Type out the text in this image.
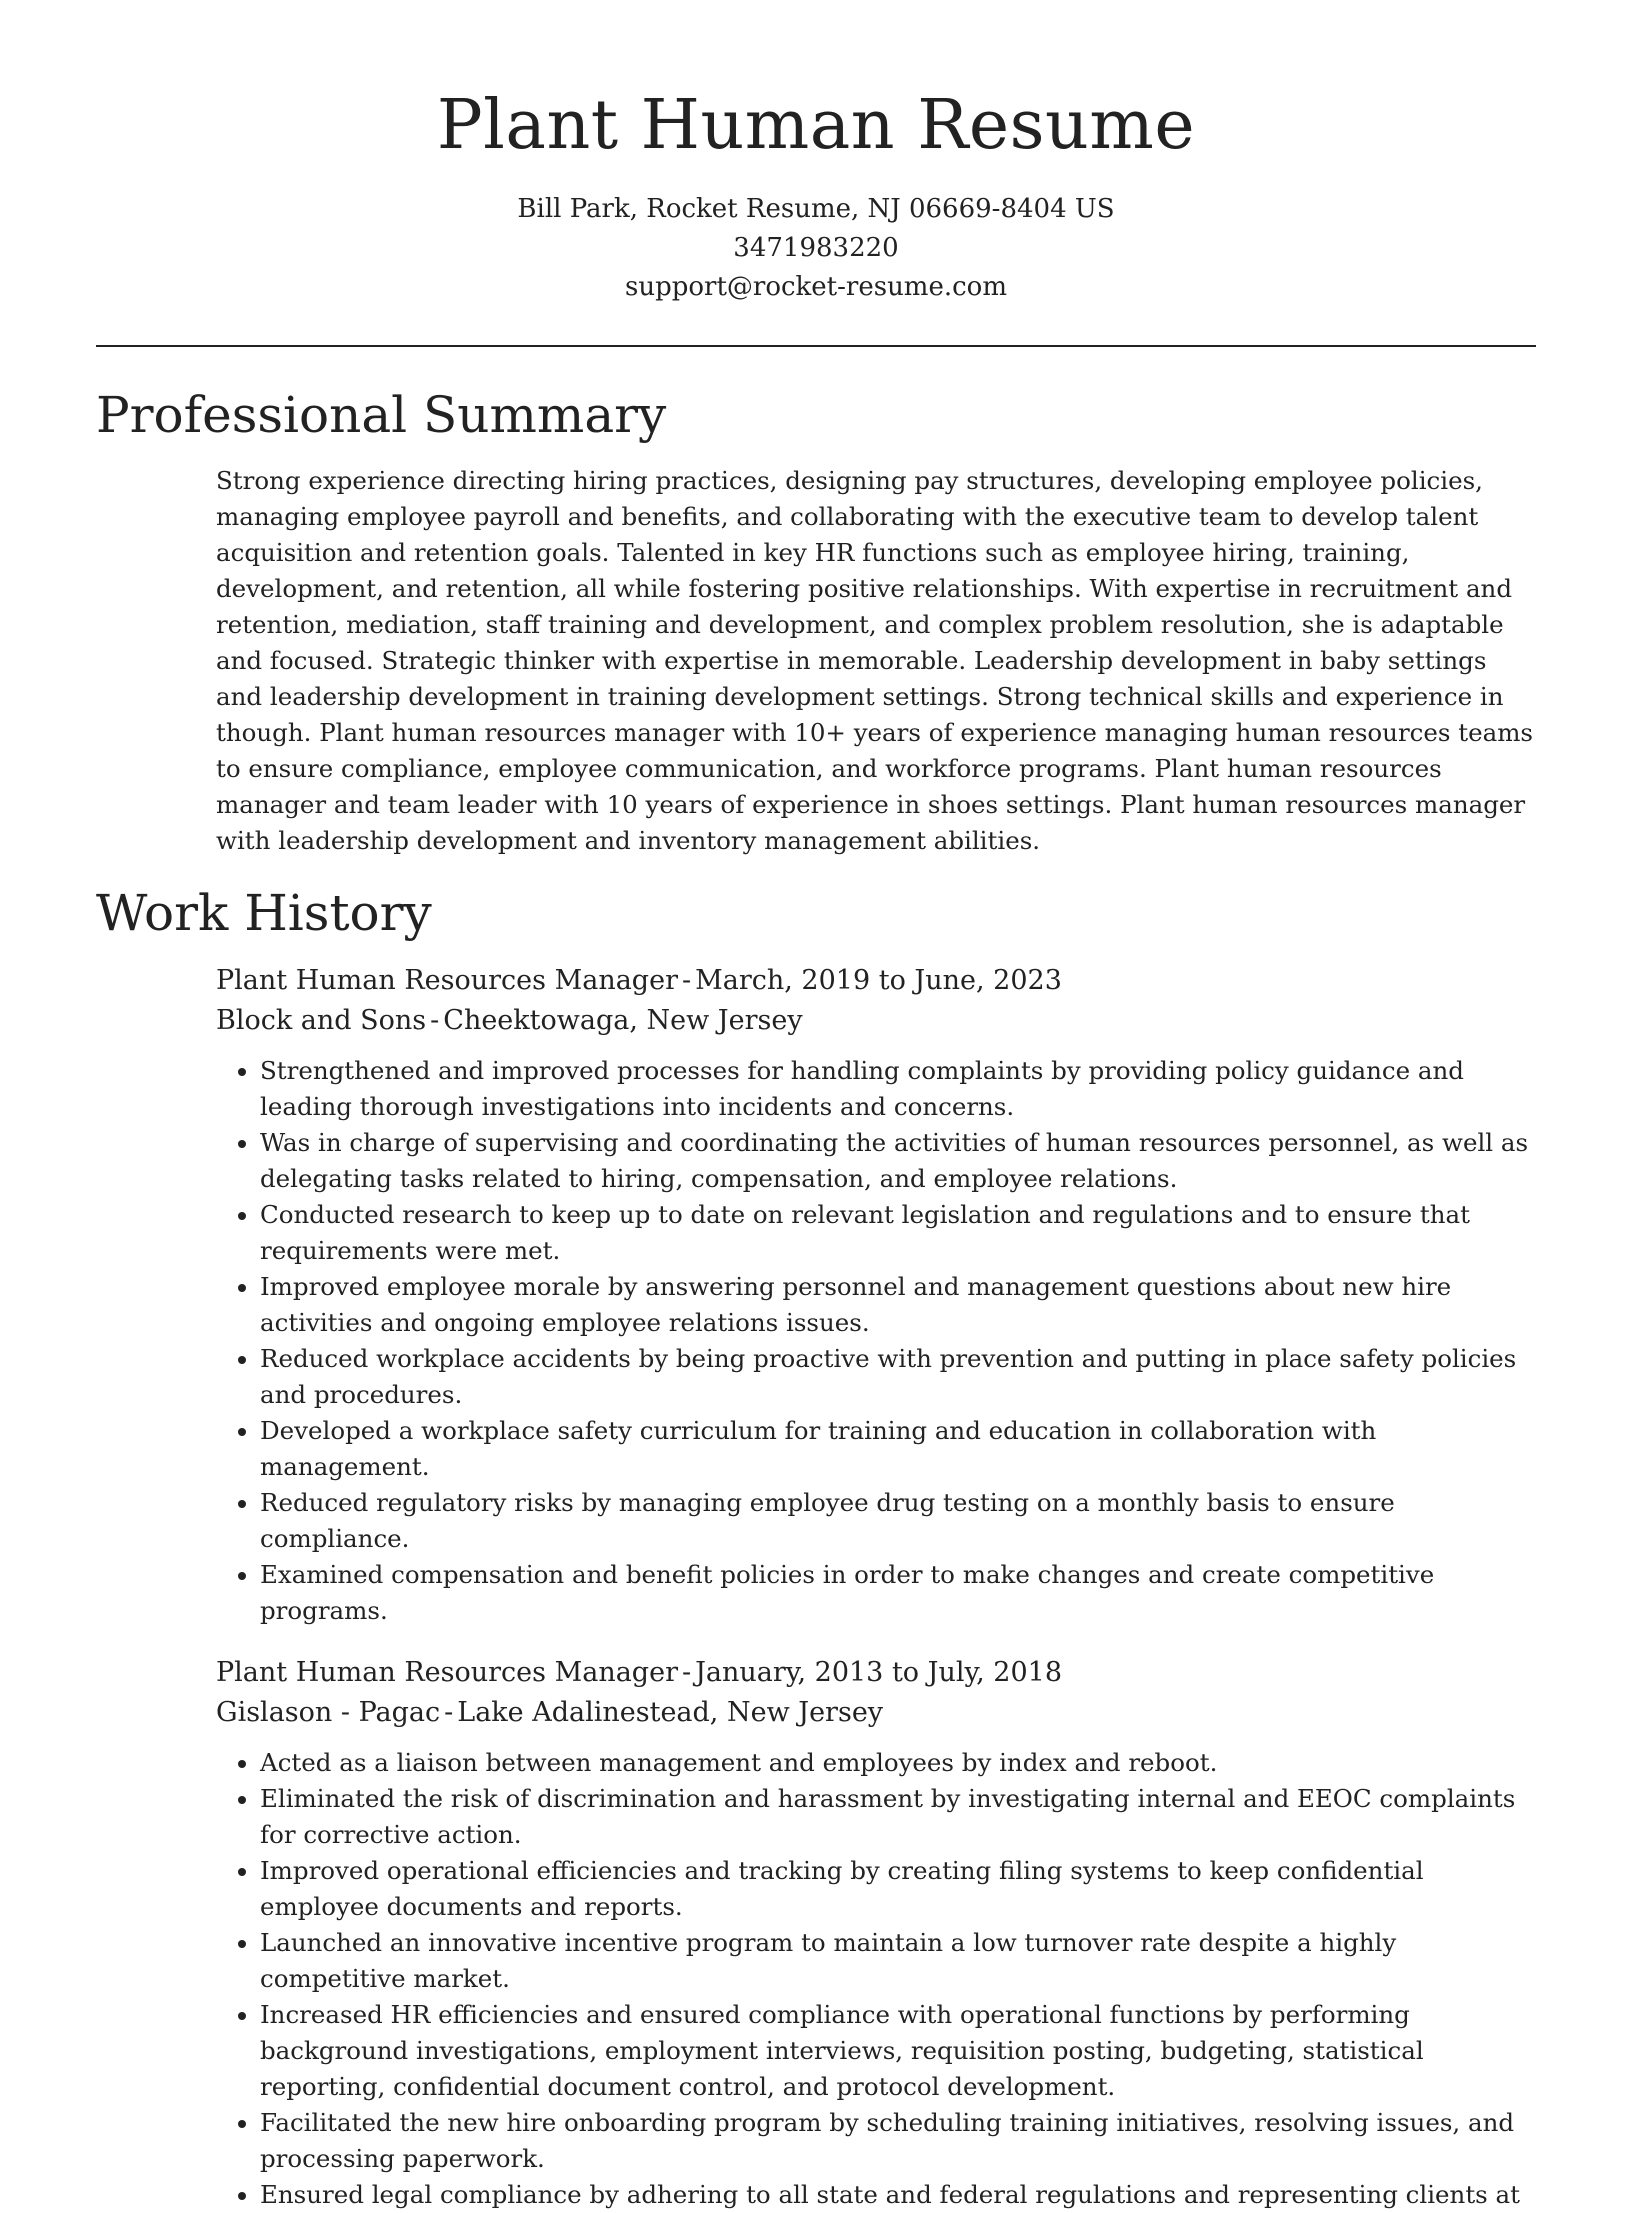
Plant Human Resume
Bill Park, Rocket Resume, NJ 06669-8404 US
3471983220
support@rocket-resume.com
Professional Summary

Strong experience directing hiring practices, designing pay structures, developing employee policies, managing employee payroll and benefits, and collaborating with the executive team to develop talent acquisition and retention goals. Talented in key HR functions such as employee hiring, training, development, and retention, all while fostering positive relationships. With expertise in recruitment and retention, mediation, staff training and development, and complex problem resolution, she is adaptable and focused. Strategic thinker with expertise in memorable. Leadership development in baby settings and leadership development in training development settings. Strong technical skills and experience in though. Plant human resources manager with 10+ years of experience managing human resources teams to ensure compliance, employee communication, and workforce programs. Plant human resources manager and team leader with 10 years of experience in shoes settings. Plant human resources manager with leadership development and inventory management abilities.

Work History
Plant Human Resources Manager - March, 2019 to June, 2023
Block and Sons - Cheektowaga, New Jersey
• Strengthened and improved processes for handling complaints by providing policy guidance and leading thorough investigations into incidents and concerns.
• Was in charge of supervising and coordinating the activities of human resources personnel, as well as delegating tasks related to hiring, compensation, and employee relations.
• Conducted research to keep up to date on relevant legislation and regulations and to ensure that requirements were met.
• Improved employee morale by answering personnel and management questions about new hire activities and ongoing employee relations issues.
• Reduced workplace accidents by being proactive with prevention and putting in place safety policies and procedures.
• Developed a workplace safety curriculum for training and education in collaboration with management.
• Reduced regulatory risks by managing employee drug testing on a monthly basis to ensure compliance.
• Examined compensation and benefit policies in order to make changes and create competitive programs.
Plant Human Resources Manager - January, 2013 to July, 2018
Gislason - Pagac - Lake Adalinestead, New Jersey
• Acted as a liaison between management and employees by index and reboot.
• Eliminated the risk of discrimination and harassment by investigating internal and EEOC complaints for corrective action.
• Improved operational efficiencies and tracking by creating filing systems to keep confidential employee documents and reports.
• Launched an innovative incentive program to maintain a low turnover rate despite a highly competitive market.
• Increased HR efficiencies and ensured compliance with operational functions by performing background investigations, employment interviews, requisition posting, budgeting, statistical reporting, confidential document control, and protocol development.
• Facilitated the new hire onboarding program by scheduling training initiatives, resolving issues, and processing paperwork.
• Ensured legal compliance by adhering to all state and federal regulations and representing clients at
